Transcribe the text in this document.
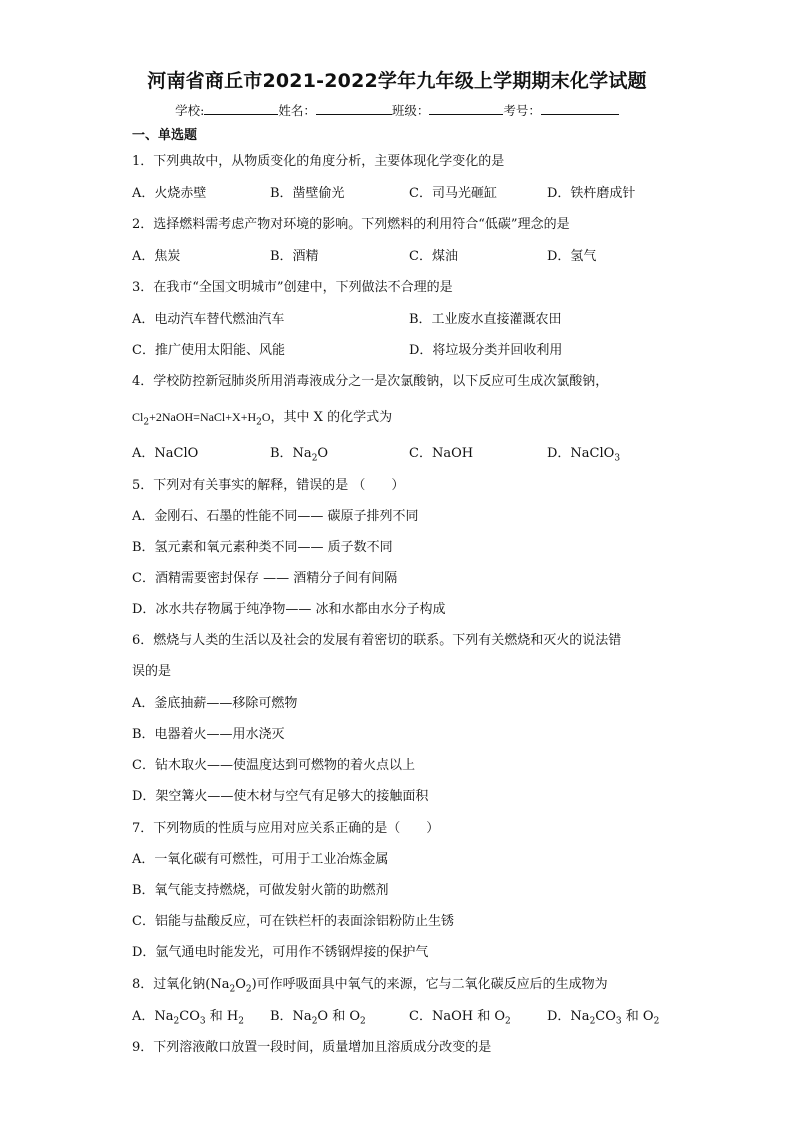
河南省商丘市2021-2022学年九年级上学期期末化学试题
学校:	姓名：	班级：	考号：
一、单选题
1．下列典故中，从物质变化的角度分析，主要体现化学变化的是
A．火烧赤壁	B．凿壁偷光	C．司马光砸缸	D．铁杵磨成针
2．选择燃料需考虑产物对环境的影响。下列燃料的利用符合“低碳”理念的是
A．焦炭	B．酒精	C．煤油	D．氢气
3．在我市“全国文明城市”创建中，下列做法不合理的是
A．电动汽车替代燃油汽车	B．工业废水直接灌溉农田
C．推广使用太阳能、风能	D．将垃圾分类并回收利用
4．学校防控新冠肺炎所用消毒液成分之一是次氯酸钠，以下反应可生成次氯酸钠，
$Cl_2+2NaOH=NaCl+X+H_2O$，其中 X 的化学式为
A．NaClO	B．$Na_2O$	C．NaOH	D．NaClO$_3$
5．下列对有关事实的解释，错误的是 （　　）
A．金刚石、石墨的性能不同—— 碳原子排列不同
B．氢元素和氧元素种类不同—— 质子数不同
C．酒精需要密封保存 —— 酒精分子间有间隔
D．冰水共存物属于纯净物—— 冰和水都由水分子构成
6．燃烧与人类的生活以及社会的发展有着密切的联系。下列有关燃烧和灭火的说法错
误的是
A．釜底抽薪——移除可燃物
B．电器着火——用水浇灭
C．钻木取火——使温度达到可燃物的着火点以上
D．架空篝火——使木材与空气有足够大的接触面积
7．下列物质的性质与应用对应关系正确的是（　　）
A．一氧化碳有可燃性，可用于工业冶炼金属
B．氧气能支持燃烧，可做发射火箭的助燃剂
C．铝能与盐酸反应，可在铁栏杆的表面涂铝粉防止生锈
D．氩气通电时能发光，可用作不锈钢焊接的保护气
8．过氧化钠$(Na_2O_2)$可作呼吸面具中氧气的来源，它与二氧化碳反应后的生成物为
A．$Na_2CO_3$ 和 $H_2$ B．$Na_2O$ 和 $O_2$	C．NaOH 和 $O_2$	D．$Na_2CO_3$ 和 $O_2$
9．下列溶液敞口放置一段时间，质量增加且溶质成分改变的是
